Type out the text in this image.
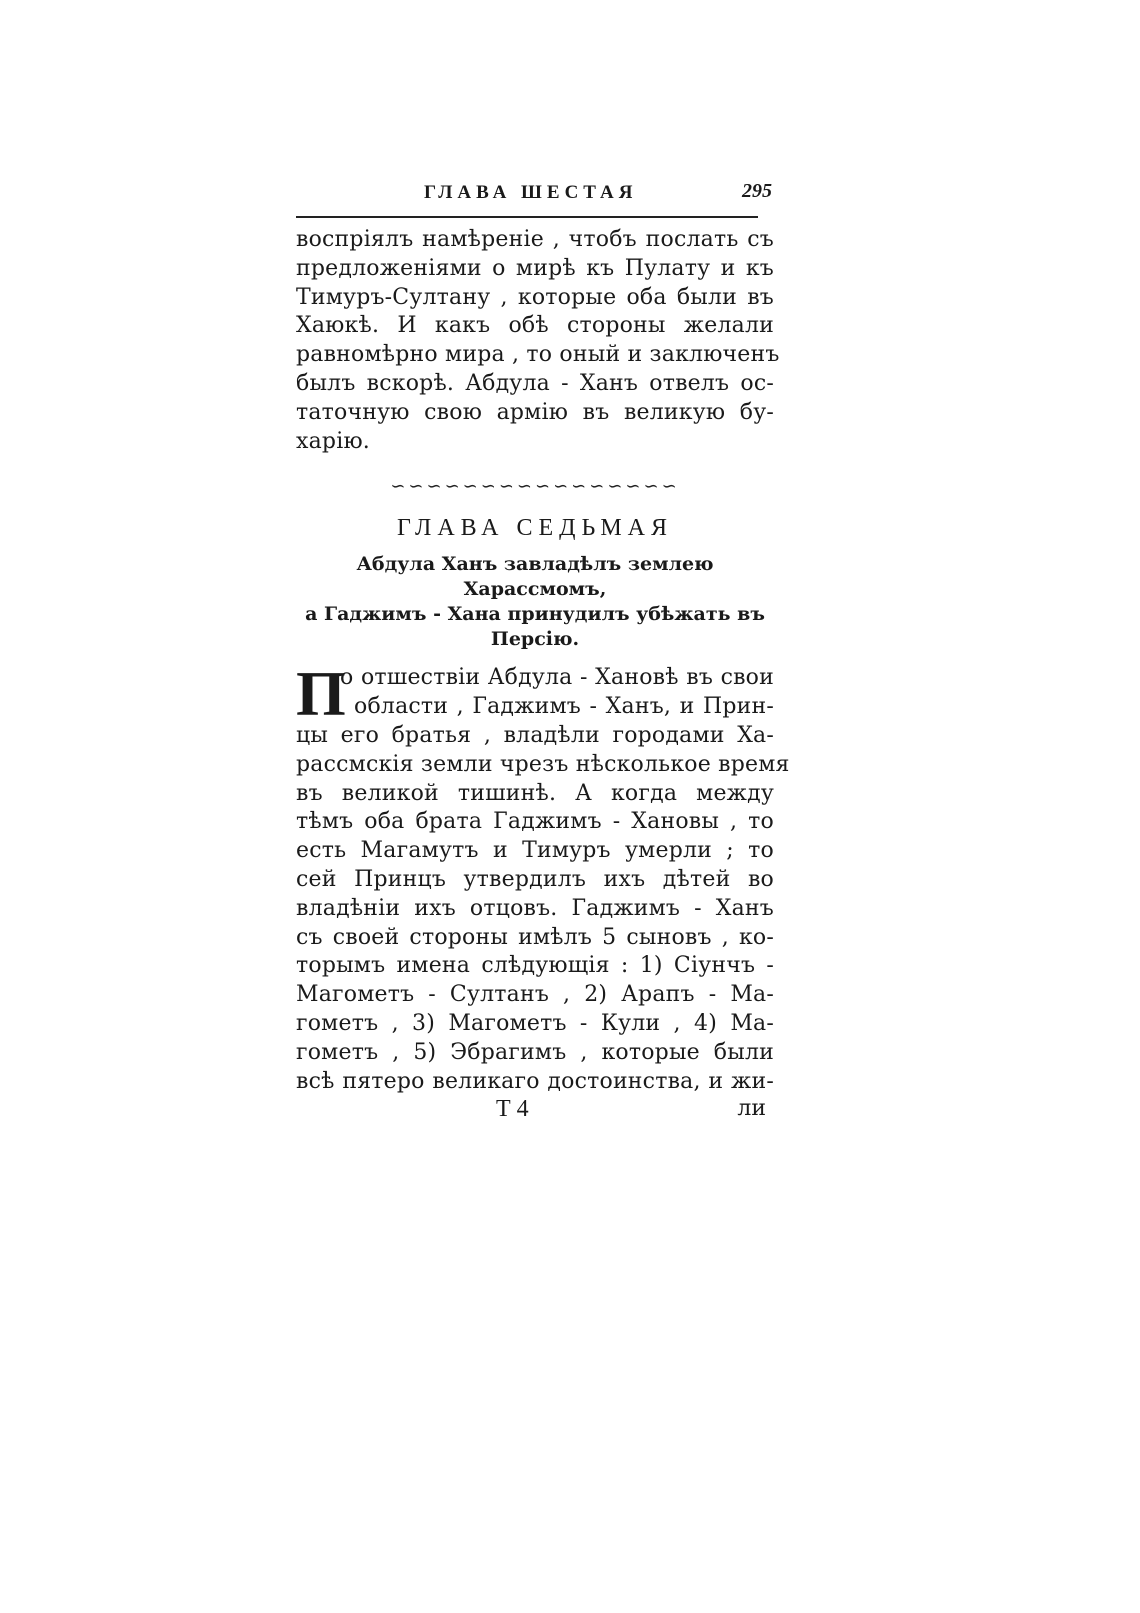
ГЛАВА ШЕСТАЯ	295
воспріялъ намѣреніе , чтобъ послать съ
предложеніями о мирѣ къ Пулату и къ
Тимуръ-Султану , которые оба были въ
Хаюкѣ. И какъ обѣ стороны желали
равномѣрно мира , то оный и заключенъ
былъ вскорѣ. Абдула - Ханъ отвелъ ос-
таточную свою армію въ великую бу-
харію.
∽∽∽∽∽∽∽∽∽∽∽∽∽∽∽∽
ГЛАВА СЕДЬМАЯ
Абдула Ханъ завладѣлъ землею Харассмомъ,
а Гаджимъ - Хана принудилъ убѣжать въ
Персію.
П
о отшествіи Абдула - Хановѣ въ свои
области , Гаджимъ - Ханъ, и Прин-
цы его братья , владѣли городами Ха-
рассмскія земли чрезъ нѣсколькое время
въ великой тишинѣ. А когда между
тѣмъ оба брата Гаджимъ - Хановы , то
есть Магамутъ и Тимуръ умерли ; то
сей Принцъ утвердилъ ихъ дѣтей во
владѣніи ихъ отцовъ. Гаджимъ - Ханъ
съ своей стороны имѣлъ 5 сыновъ , ко-
торымъ имена слѣдующія : 1) Сіунчъ -
Магометъ - Султанъ , 2) Арапъ - Ма-
гометъ , 3) Магометъ - Кули , 4) Ма-
гометъ , 5) Эбрагимъ , которые были
всѣ пятеро великаго достоинства, и жи-
Т 4	ли
